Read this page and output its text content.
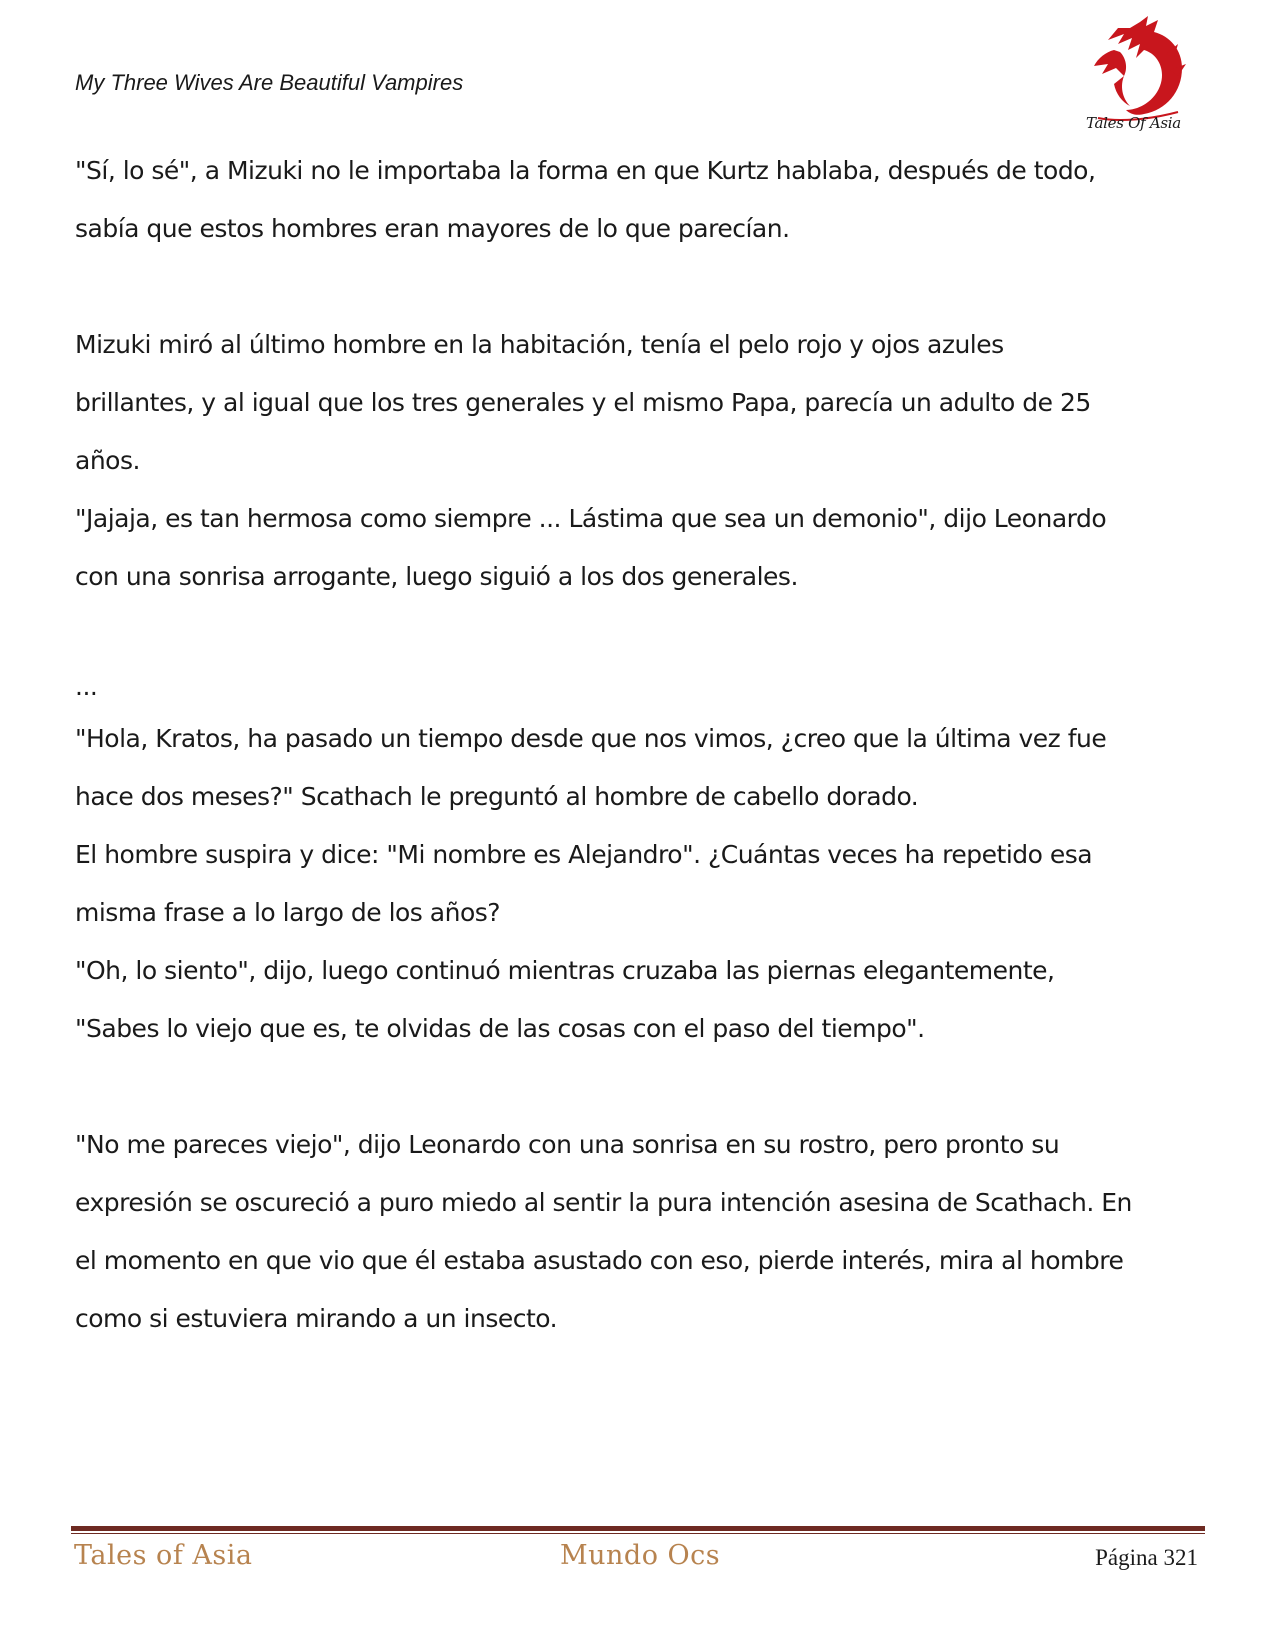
My Three Wives Are Beautiful Vampires
Tales Of Asia
"Sí, lo sé", a Mizuki no le importaba la forma en que Kurtz hablaba, después de todo,
sabía que estos hombres eran mayores de lo que parecían.
Mizuki miró al último hombre en la habitación, tenía el pelo rojo y ojos azules
brillantes, y al igual que los tres generales y el mismo Papa, parecía un adulto de 25
años.
"Jajaja, es tan hermosa como siempre ... Lástima que sea un demonio", dijo Leonardo
con una sonrisa arrogante, luego siguió a los dos generales.
...
"Hola, Kratos, ha pasado un tiempo desde que nos vimos, ¿creo que la última vez fue
hace dos meses?" Scathach le preguntó al hombre de cabello dorado.
El hombre suspira y dice: "Mi nombre es Alejandro". ¿Cuántas veces ha repetido esa
misma frase a lo largo de los años?
"Oh, lo siento", dijo, luego continuó mientras cruzaba las piernas elegantemente,
"Sabes lo viejo que es, te olvidas de las cosas con el paso del tiempo".
"No me pareces viejo", dijo Leonardo con una sonrisa en su rostro, pero pronto su
expresión se oscureció a puro miedo al sentir la pura intención asesina de Scathach. En
el momento en que vio que él estaba asustado con eso, pierde interés, mira al hombre
como si estuviera mirando a un insecto.
Tales of Asia	Mundo Ocs	Página 321
